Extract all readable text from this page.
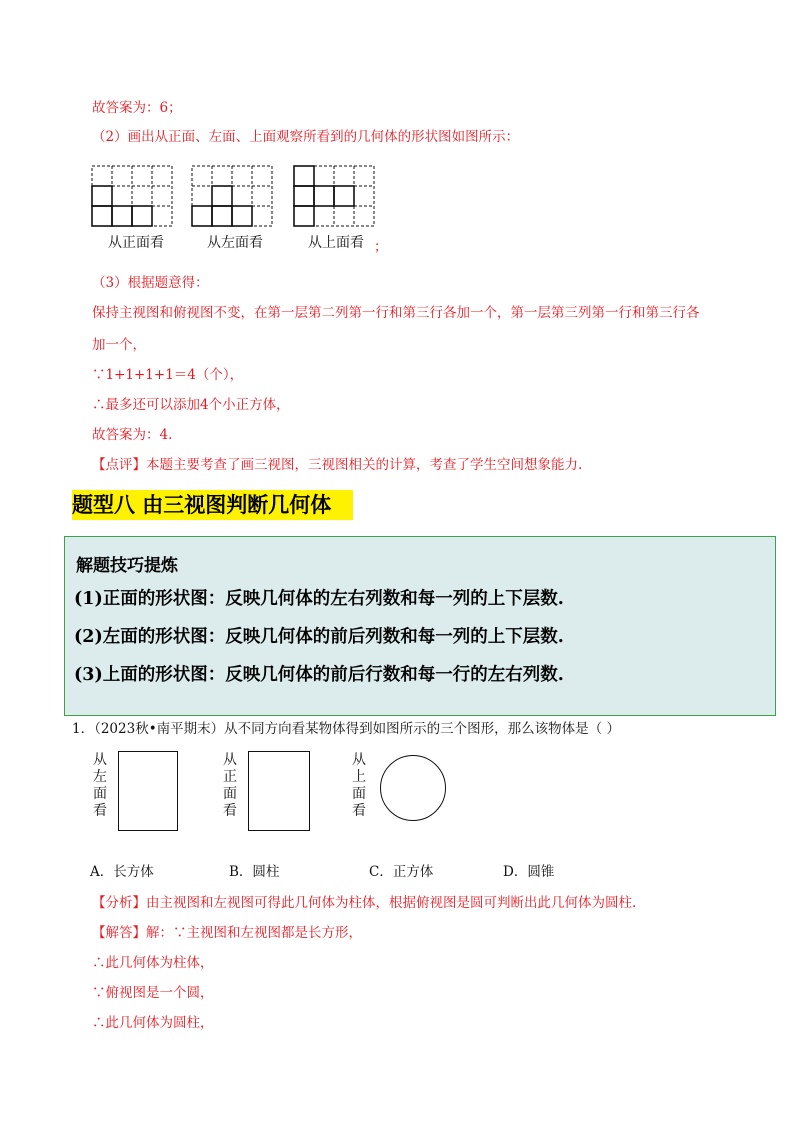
故答案为：6；
（2）画出从正面、左面、上面观察所看到的几何体的形状图如图所示：
从正面看	从左面看	从上面看 ；
（3）根据题意得：
保持主视图和俯视图不变，在第一层第二列第一行和第三行各加一个，第一层第三列第一行和第三行各
加一个，
∵1+1+1+1＝4（个），
∴最多还可以添加4个小正方体，
故答案为：4.
【点评】本题主要考查了画三视图，三视图相关的计算，考查了学生空间想象能力.
题型八 由三视图判断几何体
解题技巧提炼
(1)正面的形状图：反映几何体的左右列数和每一列的上下层数.
(2)左面的形状图：反映几何体的前后列数和每一列的上下层数.
(3)上面的形状图：反映几何体的前后行数和每一行的左右列数.
1．（2023秋•南平期末）从不同方向看某物体得到如图所示的三个图形，那么该物体是（ ）
从
左
面
看
从
正
面
看
从
上
面
看
A．长方体	B．圆柱	C．正方体	D．圆锥
【分析】由主视图和左视图可得此几何体为柱体，根据俯视图是圆可判断出此几何体为圆柱.
【解答】解：∵主视图和左视图都是长方形，
∴此几何体为柱体，
∵俯视图是一个圆，
∴此几何体为圆柱，
